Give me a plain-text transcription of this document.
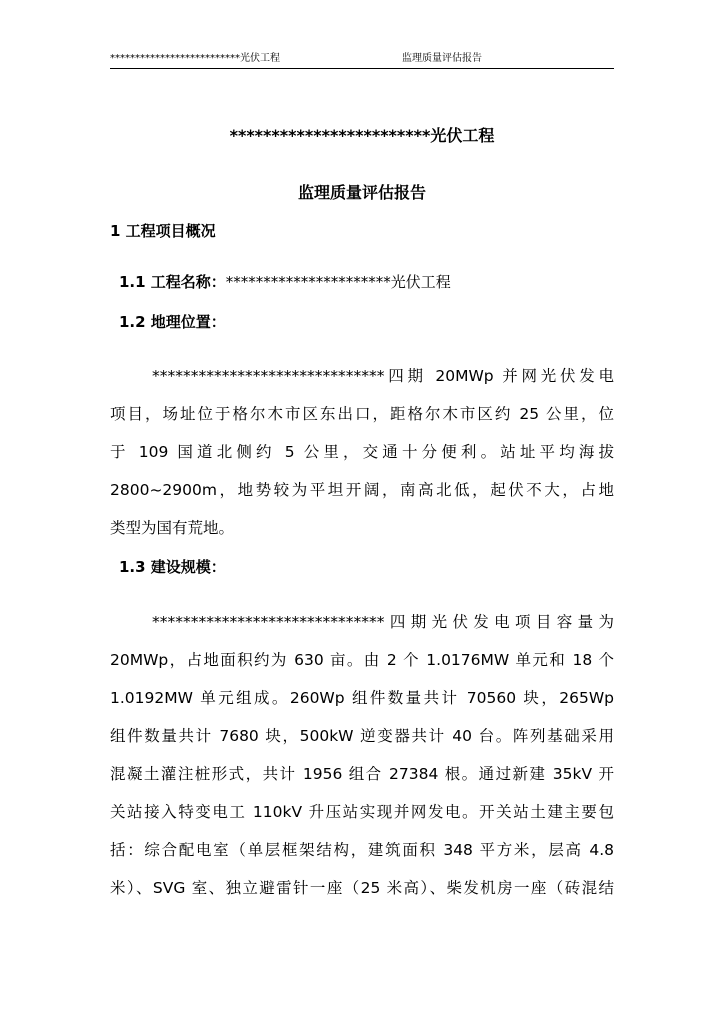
**************************光伏工程	监理质量评估报告
************************光伏工程
监理质量评估报告
1 工程项目概况
1.1 工程名称：**********************光伏工程
1.2 地理位置：
******************************四期 20MWp 并网光伏发电
项目，场址位于格尔木市区东出口，距格尔木市区约 25 公里，位
于 109 国道北侧约 5 公里，交通十分便利。站址平均海拔
2800~2900m，地势较为平坦开阔，南高北低，起伏不大，占地
类型为国有荒地。
1.3 建设规模：
******************************四期光伏发电项目容量为
20MWp，占地面积约为 630 亩。由 2 个 1.0176MW 单元和 18 个
1.0192MW 单元组成。260Wp 组件数量共计 70560 块，265Wp
组件数量共计 7680 块，500kW 逆变器共计 40 台。阵列基础采用
混凝土灌注桩形式，共计 1956 组合 27384 根。通过新建 35kV 开
关站接入特变电工 110kV 升压站实现并网发电。开关站土建主要包
括：综合配电室（单层框架结构，建筑面积 348 平方米，层高 4.8
米）、SVG 室、独立避雷针一座（25 米高）、柴发机房一座（砖混结
